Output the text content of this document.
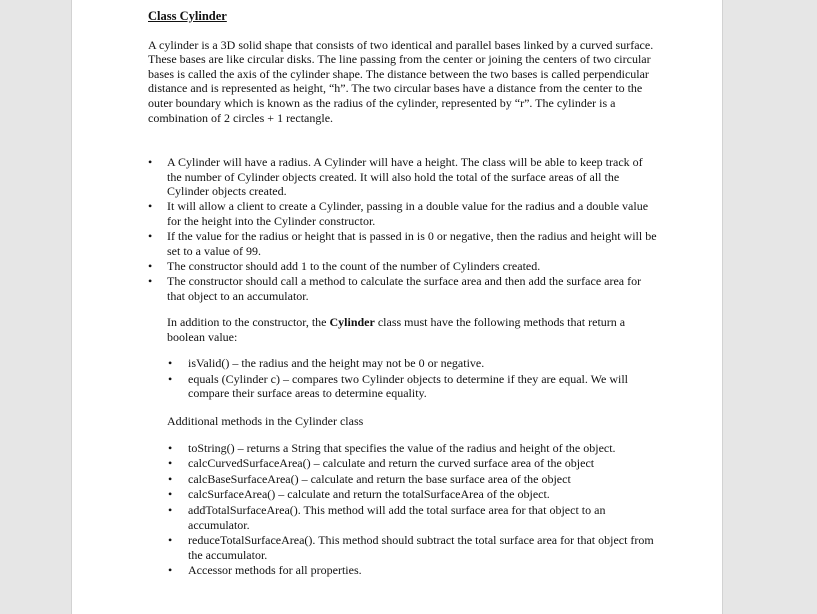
Class Cylinder

A cylinder is a 3D solid shape that consists of two identical and parallel bases linked by a curved surface. These bases are like circular disks. The line passing from the center or joining the centers of two circular bases is called the axis of the cylinder shape. The distance between the two bases is called perpendicular distance and is represented as height, “h”. The two circular bases have a distance from the center to the outer boundary which is known as the radius of the cylinder, represented by “r”. The cylinder is a combination of 2 circles + 1 rectangle.

• A Cylinder will have a radius. A Cylinder will have a height. The class will be able to keep track of the number of Cylinder objects created. It will also hold the total of the surface areas of all the Cylinder objects created.
• It will allow a client to create a Cylinder, passing in a double value for the radius and a double value for the height into the Cylinder constructor.
• If the value for the radius or height that is passed in is 0 or negative, then the radius and height will be set to a value of 99.
• The constructor should add 1 to the count of the number of Cylinders created.
• The constructor should call a method to calculate the surface area and then add the surface area for that object to an accumulator.

In addition to the constructor, the Cylinder class must have the following methods that return a boolean value:

• isValid() – the radius and the height may not be 0 or negative.
• equals (Cylinder c) – compares two Cylinder objects to determine if they are equal. We will compare their surface areas to determine equality.

Additional methods in the Cylinder class

• toString() – returns a String that specifies the value of the radius and height of the object.
• calcCurvedSurfaceArea() – calculate and return the curved surface area of the object
• calcBaseSurfaceArea() – calculate and return the base surface area of the object
• calcSurfaceArea() – calculate and return the totalSurfaceArea of the object.
• addTotalSurfaceArea(). This method will add the total surface area for that object to an accumulator.
• reduceTotalSurfaceArea(). This method should subtract the total surface area for that object from the accumulator.
• Accessor methods for all properties.
